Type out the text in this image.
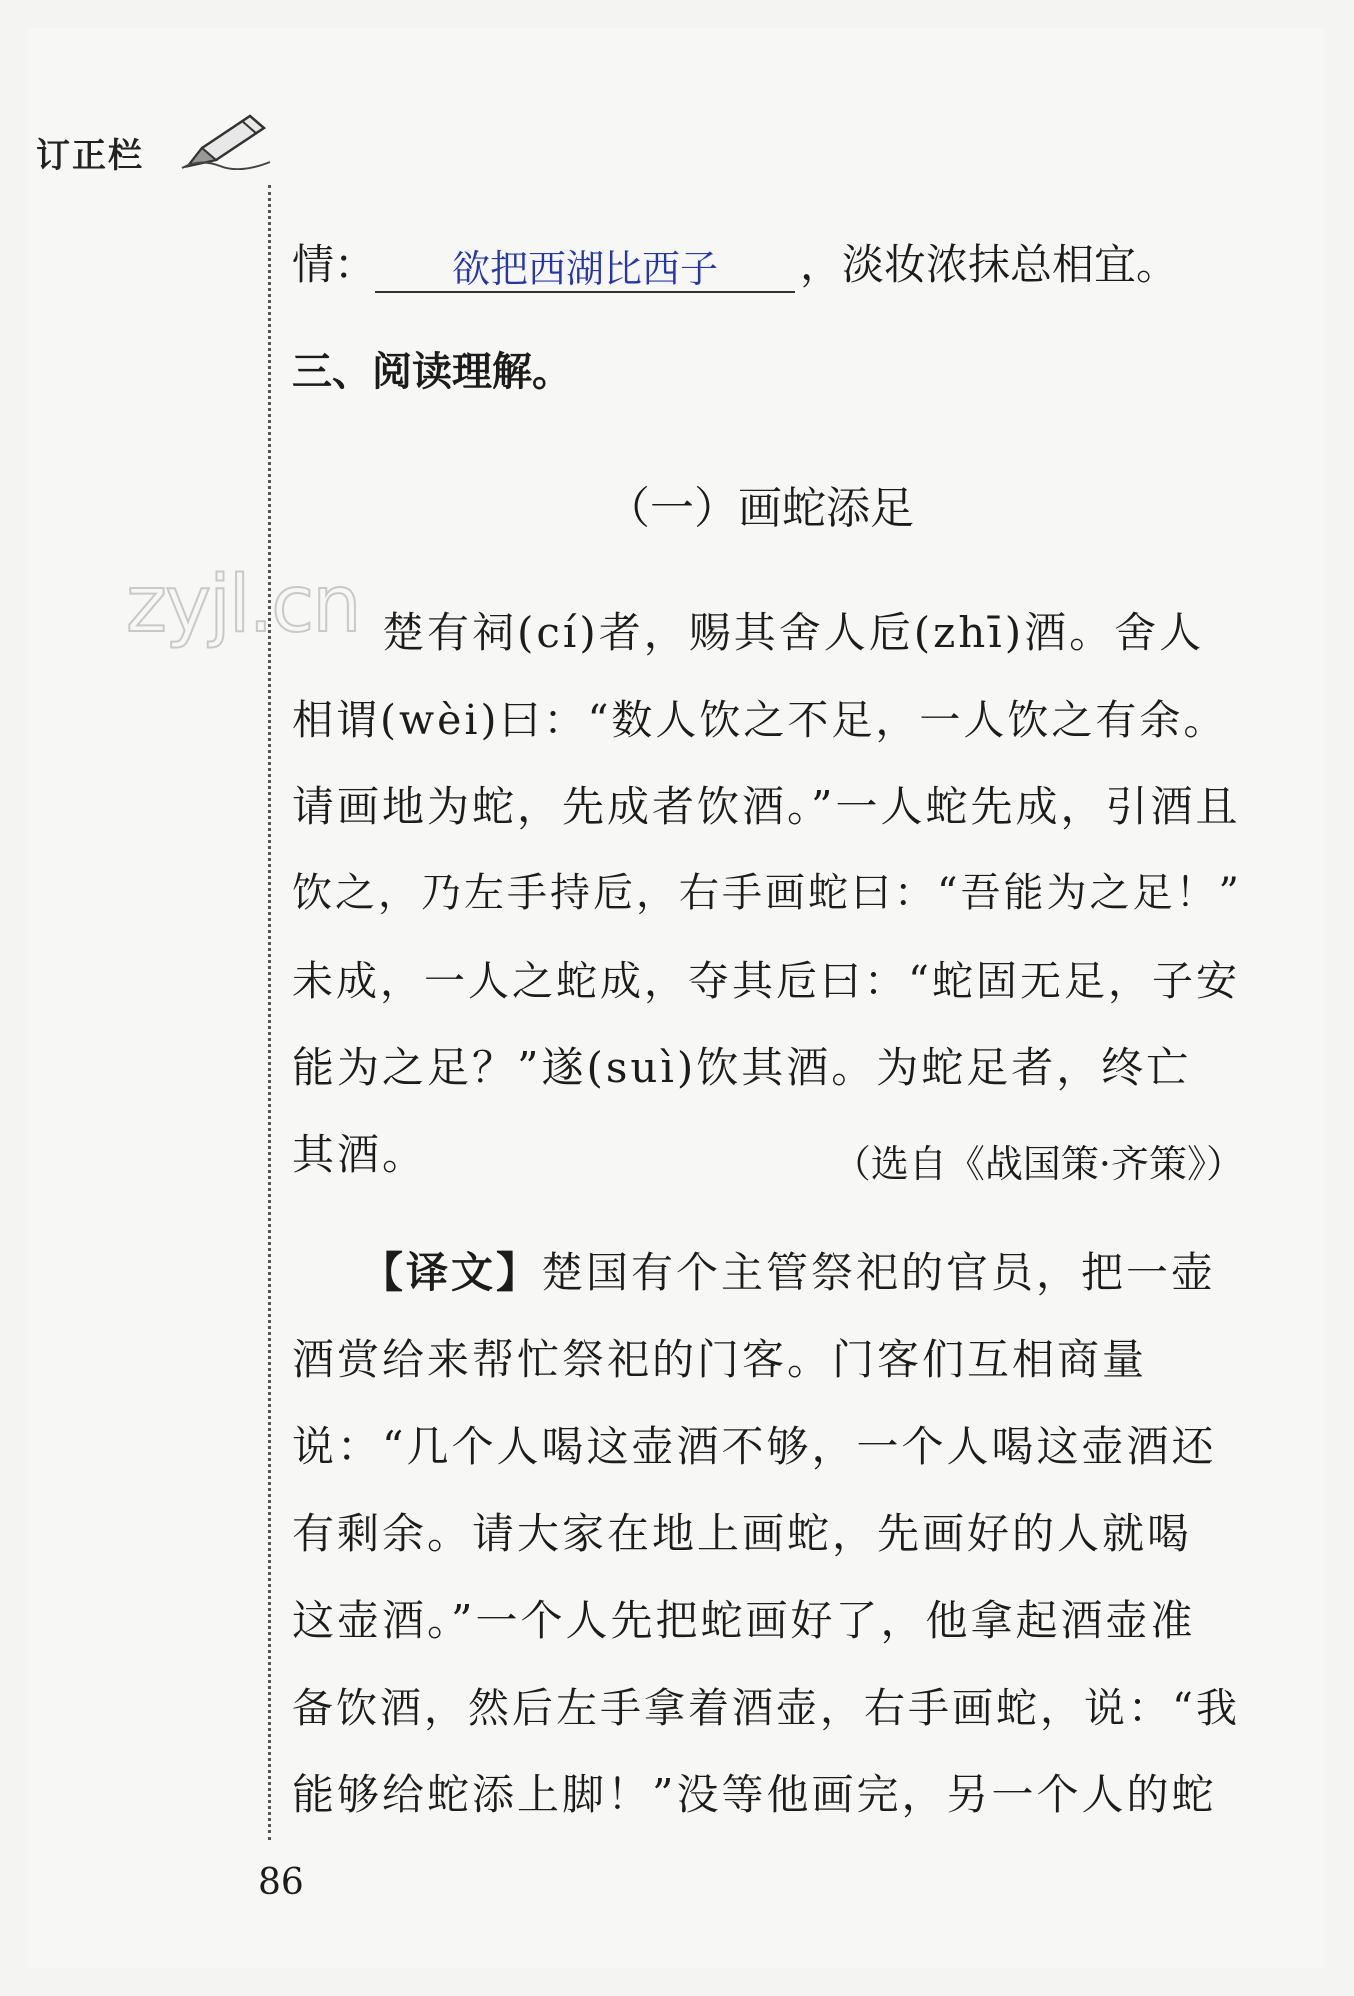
订正栏
zyjl.cn
情：	欲把西湖比西子	，淡妆浓抹总相宜。
三、阅读理解。
（一）画蛇添足
　　楚有祠(cí)者，赐其舍人卮(zhī)酒。舍人
相谓(wèi)曰：“数人饮之不足，一人饮之有余。
请画地为蛇，先成者饮酒。”一人蛇先成，引酒且
饮之，乃左手持卮，右手画蛇曰：“吾能为之足！”
未成，一人之蛇成，夺其卮曰：“蛇固无足，子安
能为之足？”遂(suì)饮其酒。为蛇足者，终亡
其酒。	（选自《战国策·齐策》）
　　【译文】楚国有个主管祭祀的官员，把一壶
酒赏给来帮忙祭祀的门客。门客们互相商量
说：“几个人喝这壶酒不够，一个人喝这壶酒还
有剩余。请大家在地上画蛇，先画好的人就喝
这壶酒。”一个人先把蛇画好了，他拿起酒壶准
备饮酒，然后左手拿着酒壶，右手画蛇，说：“我
能够给蛇添上脚！”没等他画完，另一个人的蛇
86
